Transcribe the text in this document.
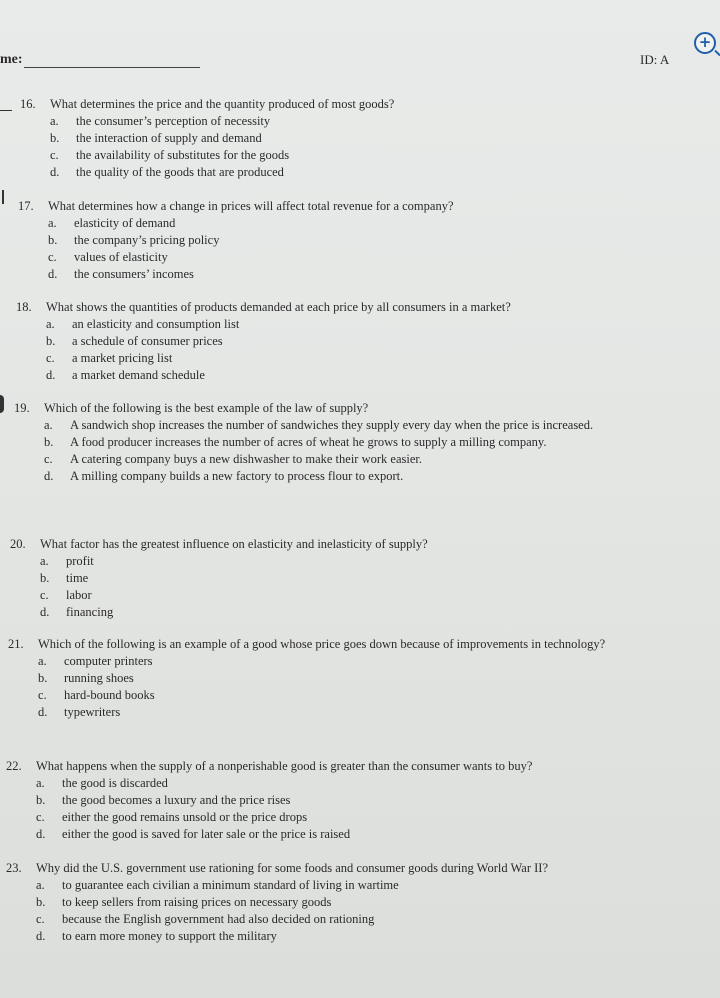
me:	ID: A
+
16.	What determines the price and the quantity produced of most goods?
a.	the consumer’s perception of necessity
b.	the interaction of supply and demand
c.	the availability of substitutes for the goods
d.	the quality of the goods that are produced
17.	What determines how a change in prices will affect total revenue for a company?
a.	elasticity of demand
b.	the company’s pricing policy
c.	values of elasticity
d.	the consumers’ incomes
18.	What shows the quantities of products demanded at each price by all consumers in a market?
a.	an elasticity and consumption list
b.	a schedule of consumer prices
c.	a market pricing list
d.	a market demand schedule
19.	Which of the following is the best example of the law of supply?
a.	A sandwich shop increases the number of sandwiches they supply every day when the price is increased.
b.	A food producer increases the number of acres of wheat he grows to supply a milling company.
c.	A catering company buys a new dishwasher to make their work easier.
d.	A milling company builds a new factory to process flour to export.
20.	What factor has the greatest influence on elasticity and inelasticity of supply?
a.	profit
b.	time
c.	labor
d.	financing
21.	Which of the following is an example of a good whose price goes down because of improvements in technology?
a.	computer printers
b.	running shoes
c.	hard-bound books
d.	typewriters
22.	What happens when the supply of a nonperishable good is greater than the consumer wants to buy?
a.	the good is discarded
b.	the good becomes a luxury and the price rises
c.	either the good remains unsold or the price drops
d.	either the good is saved for later sale or the price is raised
23.	Why did the U.S. government use rationing for some foods and consumer goods during World War II?
a.	to guarantee each civilian a minimum standard of living in wartime
b.	to keep sellers from raising prices on necessary goods
c.	because the English government had also decided on rationing
d.	to earn more money to support the military
